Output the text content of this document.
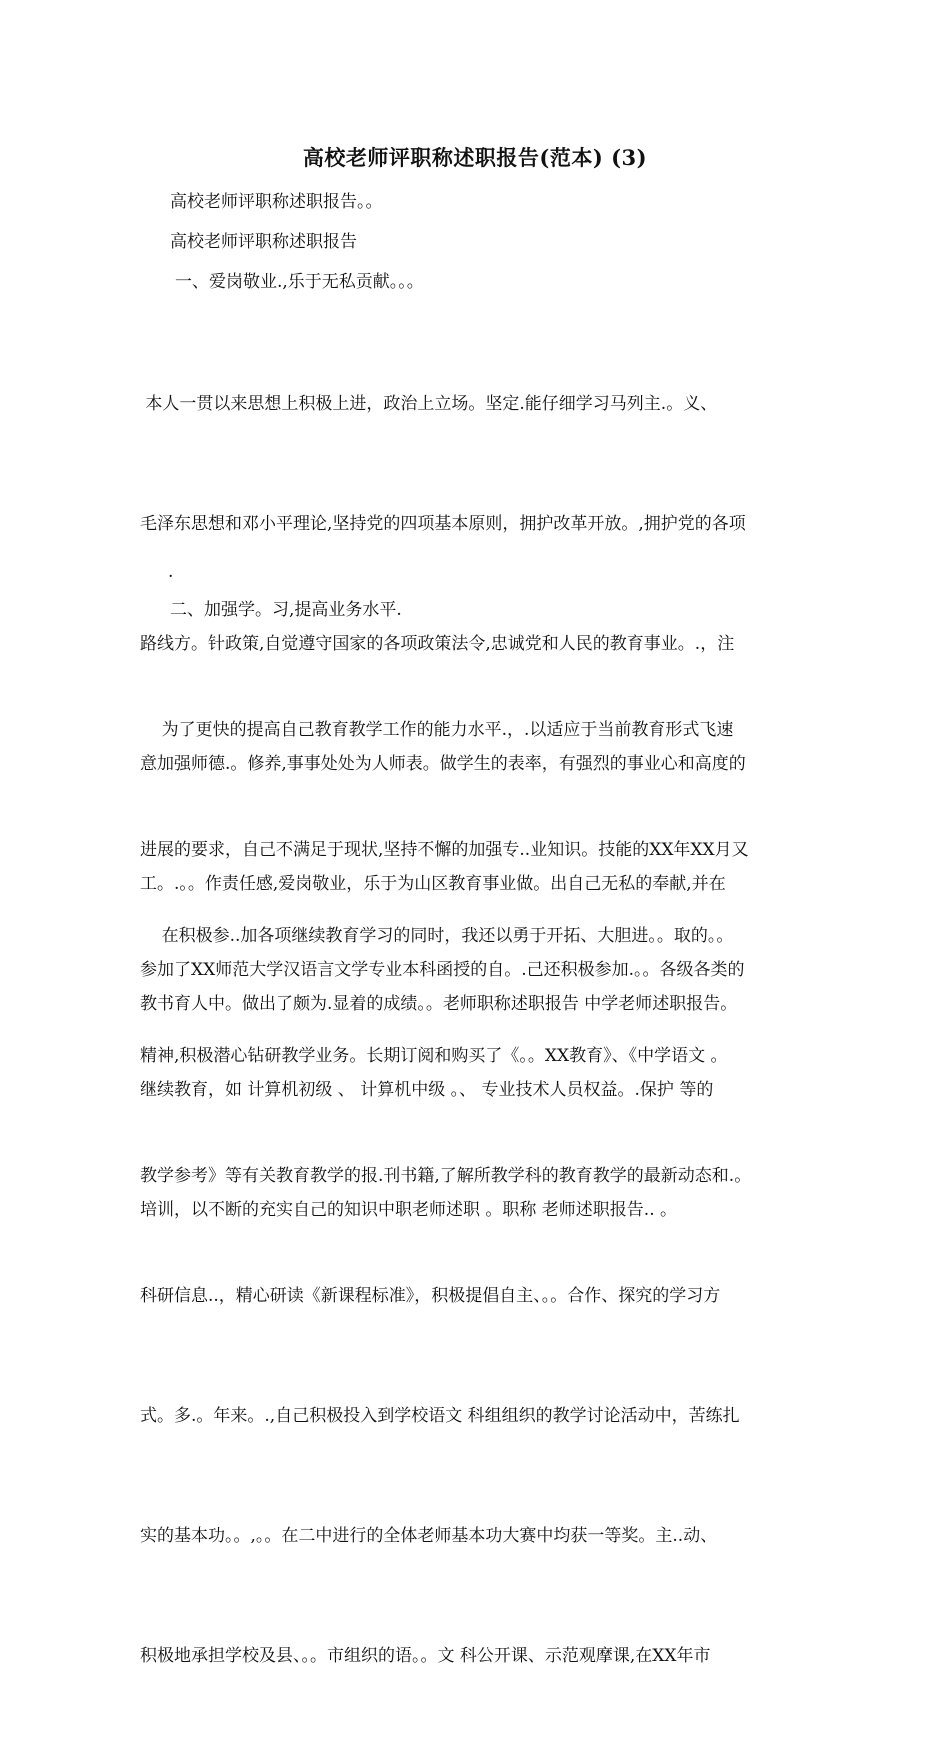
高校老师评职称述职报告(范本) (3)
高校老师评职称述职报告。。
高校老师评职称述职报告
一、爱岗敬业.,乐于无私贡献。。。

本人一贯以来思想上积极上进，政治上立场。坚定.能仔细学习马列主.。义、

毛泽东思想和邓小平理论,坚持党的四项基本原则，拥护改革开放。,拥护党的各项

路线方。针政策,自觉遵守国家的各项政策法令,忠诚党和人民的教育事业。.，注

意加强师德.。修养,事事处处为人师表。做学生的表率，有强烈的事业心和高度的

工。.。。作责任感,爱岗敬业，乐于为山区教育事业做。出自己无私的奉献,并在

教书育人中。做出了颇为.显着的成绩。。老师职称述职报告 中学老师述职报告。

.
二、加强学。习,提高业务水平.

为了更快的提高自己教育教学工作的能力水平.，.以适应于当前教育形式飞速

进展的要求，自己不满足于现状,坚持不懈的加强专..业知识。技能的XX年XX月又

参加了XX师范大学汉语言文学专业本科函授的自。.己还积极参加.。。各级各类的

继续教育，如 计算机初级 、 计算机中级 。、 专业技术人员权益。.保护 等的

培训，以不断的充实自己的知识中职老师述职 。职称 老师述职报告.. 。

在积极参..加各项继续教育学习的同时，我还以勇于开拓、大胆进。。取的。。

精神,积极潜心钻研教学业务。长期订阅和购买了《。。XX教育》、《中学语文 。

教学参考》等有关教育教学的报.刊书籍,了解所教学科的教育教学的最新动态和.。

科研信息..，精心研读《新课程标准》，积极提倡自主、。。合作、探究的学习方

式。多.。年来。.,自己积极投入到学校语文 科组组织的教学讨论活动中，苦练扎

实的基本功。。,。。在二中进行的全体老师基本功大赛中均获一等奖。主..动、

积极地承担学校及县、。。市组织的语。。文 科公开课、示范观摩课,在XX年市
